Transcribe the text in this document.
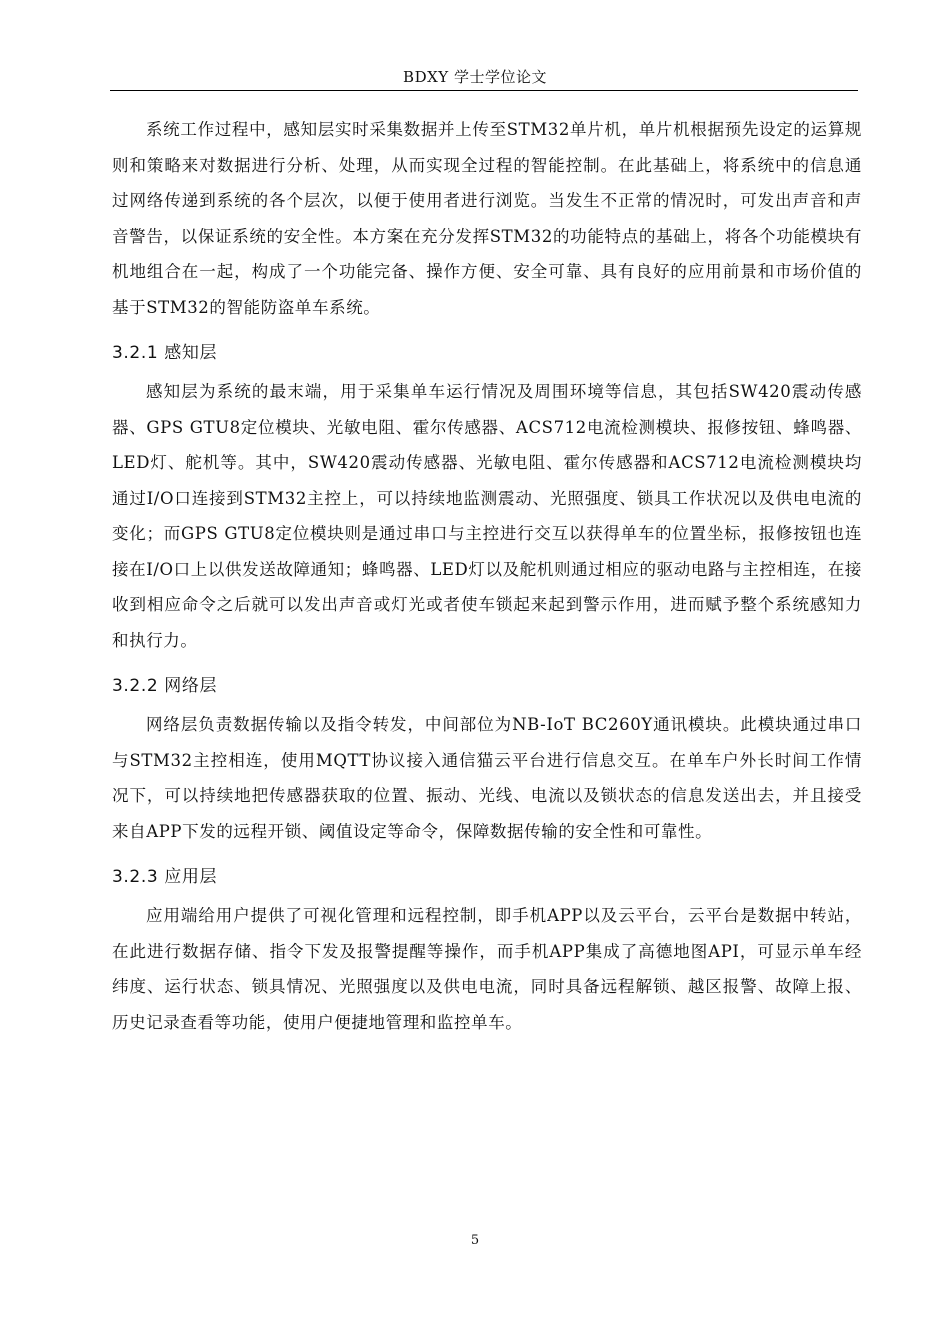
BDXY 学士学位论文

系统工作过程中，感知层实时采集数据并上传至STM32单片机，单片机根据预先设定的运算规则和策略来对数据进行分析、处理，从而实现全过程的智能控制。在此基础上，将系统中的信息通过网络传递到系统的各个层次，以便于使用者进行浏览。当发生不正常的情况时，可发出声音和声音警告，以保证系统的安全性。本方案在充分发挥STM32的功能特点的基础上，将各个功能模块有机地组合在一起，构成了一个功能完备、操作方便、安全可靠、具有良好的应用前景和市场价值的基于STM32的智能防盗单车系统。

3.2.1 感知层

感知层为系统的最末端，用于采集单车运行情况及周围环境等信息，其包括SW420震动传感器、GPS GTU8定位模块、光敏电阻、霍尔传感器、ACS712电流检测模块、报修按钮、蜂鸣器、LED灯、舵机等。其中，SW420震动传感器、光敏电阻、霍尔传感器和ACS712电流检测模块均通过I/O口连接到STM32主控上，可以持续地监测震动、光照强度、锁具工作状况以及供电电流的变化；而GPS GTU8定位模块则是通过串口与主控进行交互以获得单车的位置坐标，报修按钮也连接在I/O口上以供发送故障通知；蜂鸣器、LED灯以及舵机则通过相应的驱动电路与主控相连，在接收到相应命令之后就可以发出声音或灯光或者使车锁起来起到警示作用，进而赋予整个系统感知力和执行力。

3.2.2 网络层

网络层负责数据传输以及指令转发，中间部位为NB-IoT BC260Y通讯模块。此模块通过串口与STM32主控相连，使用MQTT协议接入通信猫云平台进行信息交互。在单车户外长时间工作情况下，可以持续地把传感器获取的位置、振动、光线、电流以及锁状态的信息发送出去，并且接受来自APP下发的远程开锁、阈值设定等命令，保障数据传输的安全性和可靠性。

3.2.3 应用层

应用端给用户提供了可视化管理和远程控制，即手机APP以及云平台，云平台是数据中转站，在此进行数据存储、指令下发及报警提醒等操作，而手机APP集成了高德地图API，可显示单车经纬度、运行状态、锁具情况、光照强度以及供电电流，同时具备远程解锁、越区报警、故障上报、历史记录查看等功能，使用户便捷地管理和监控单车。

5
